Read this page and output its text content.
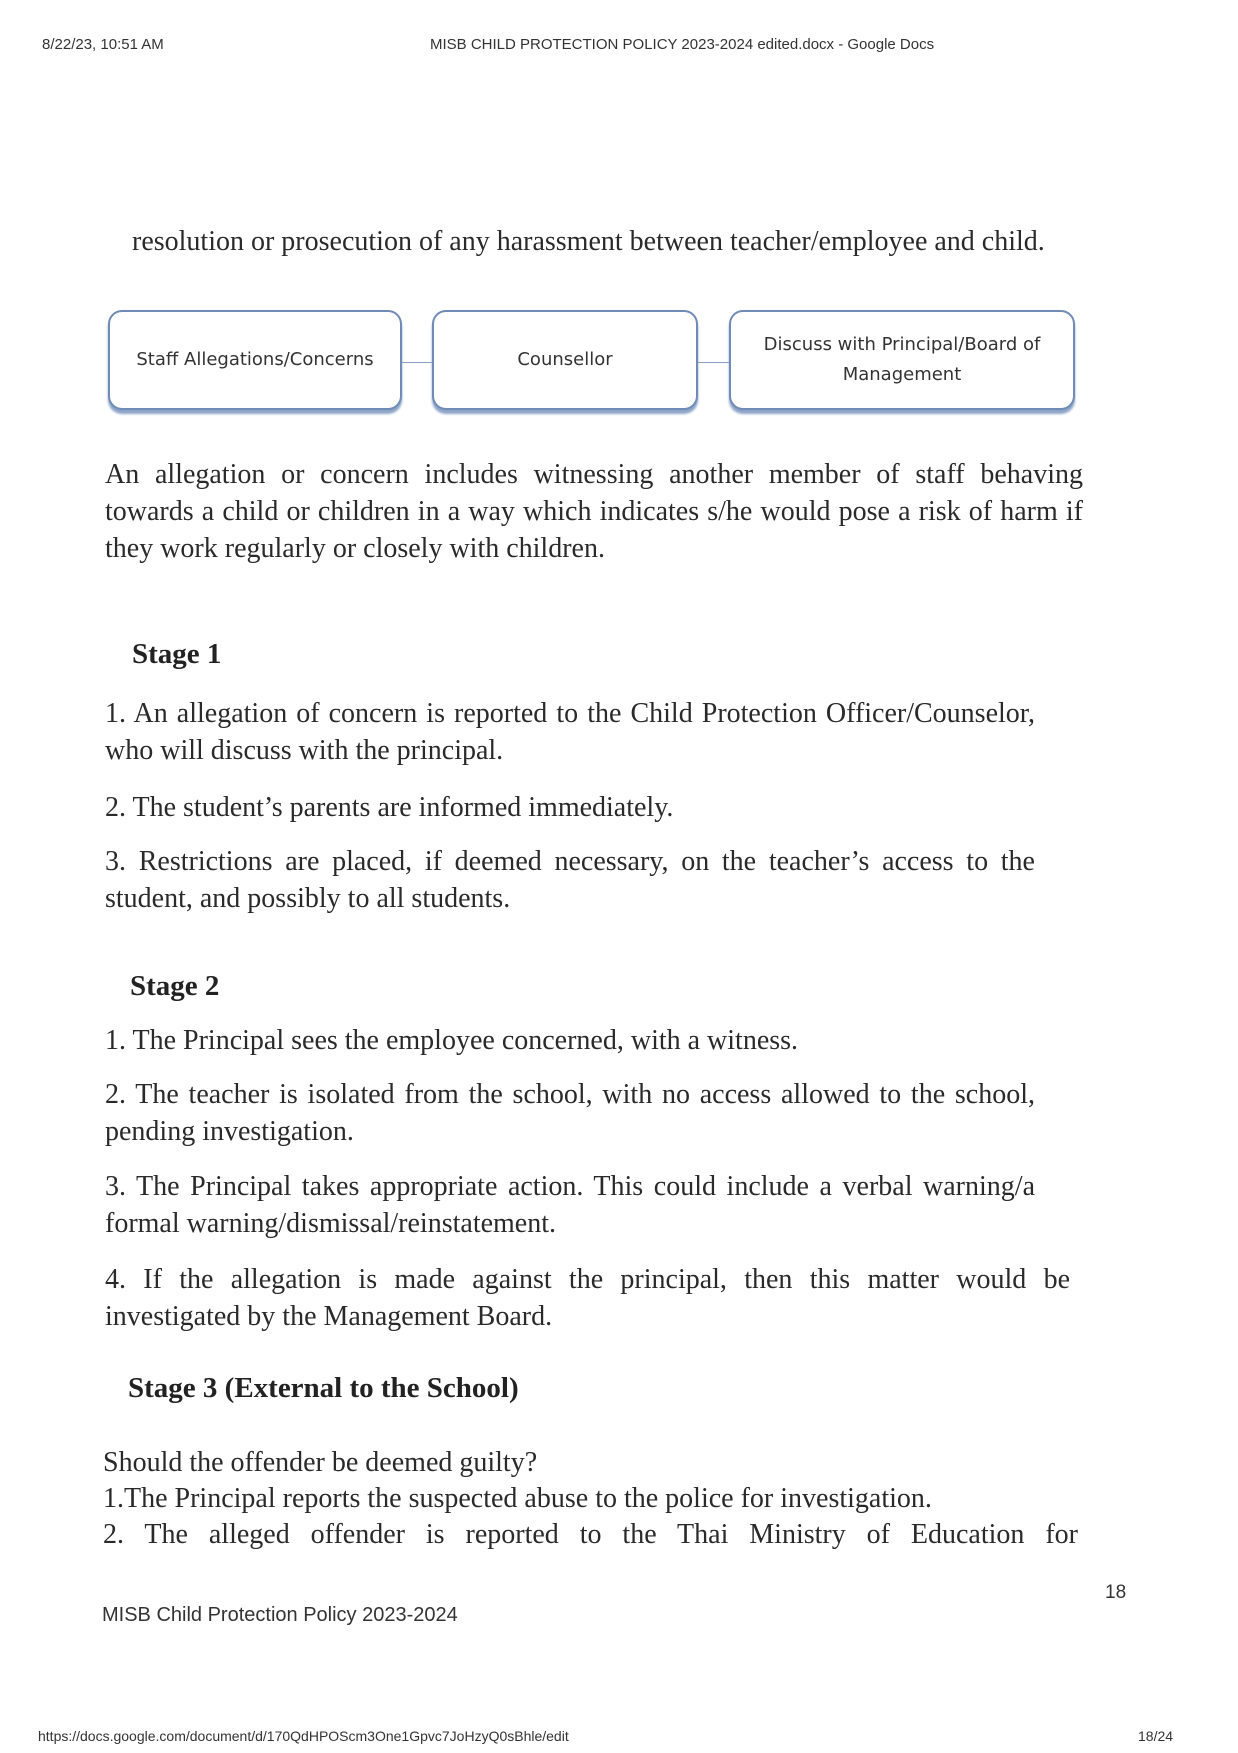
8/22/23, 10:51 AM	MISB CHILD PROTECTION POLICY 2023-2024 edited.docx - Google Docs
resolution or prosecution of any harassment between teacher/employee and child.
Staff Allegations/Concerns	Counsellor
Discuss with Principal/Board of Management
An allegation or concern includes witnessing another member of staff behaving towards a child or children in a way which indicates s/he would pose a risk of harm if they work regularly or closely with children.
Stage 1
1. An allegation of concern is reported to the Child Protection Officer/Counselor, who will discuss with the principal.
2. The student’s parents are informed immediately.
3. Restrictions are placed, if deemed necessary, on the teacher’s access to the student, and possibly to all students.
Stage 2
1. The Principal sees the employee concerned, with a witness.
2. The teacher is isolated from the school, with no access allowed to the school, pending investigation.
3. The Principal takes appropriate action. This could include a verbal warning/a formal warning/dismissal/reinstatement.
4. If the allegation is made against the principal, then this matter would be investigated by the Management Board.
Stage 3 (External to the School)
Should the offender be deemed guilty?
1.The Principal reports the suspected abuse to the police for investigation.
2. The alleged offender is reported to the Thai Ministry of Education for
18
MISB Child Protection Policy 2023-2024
https://docs.google.com/document/d/170QdHPOScm3One1Gpvc7JoHzyQ0sBhle/edit	18/24
